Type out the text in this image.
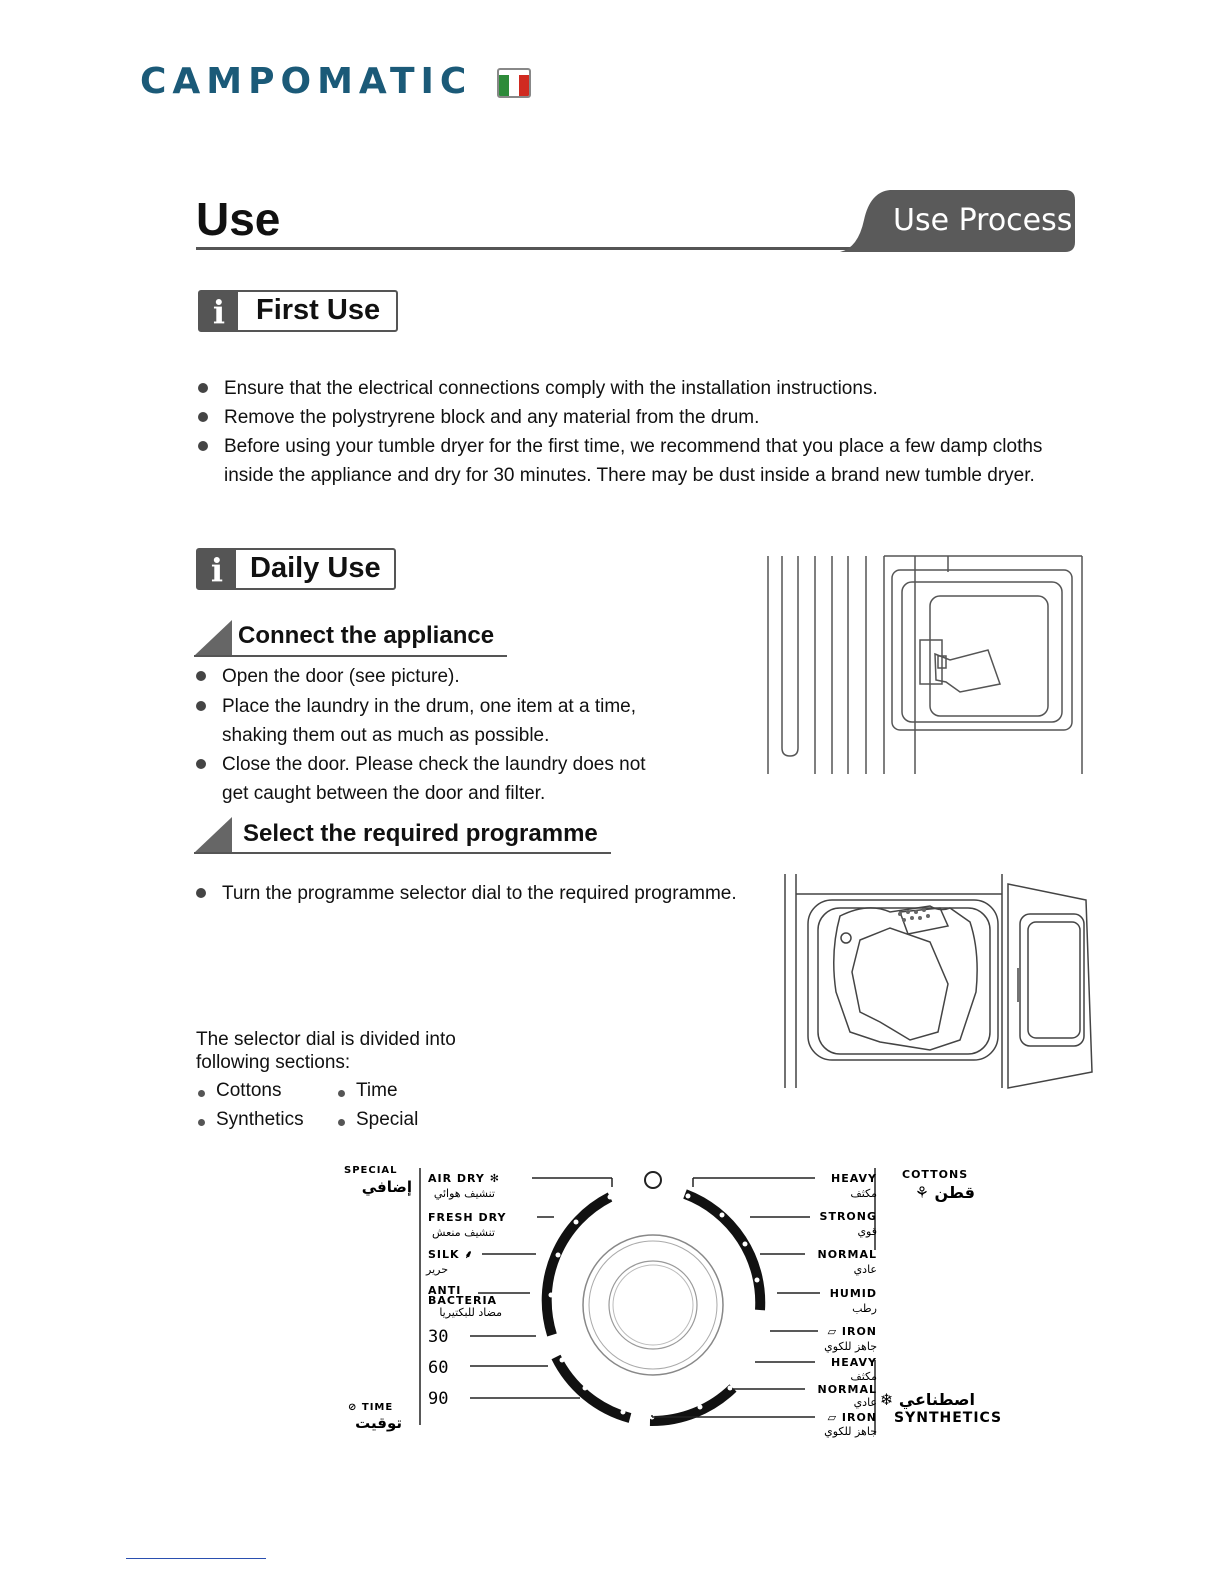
CAMPOMATIC
Use	Use Process
i	First Use
Ensure that the electrical connections comply with the installation instructions.
Remove the polystryrene block and any material from the drum.
Before using your tumble dryer for the first time, we recommend that you place a few damp cloths
inside the appliance and dry for 30 minutes. There may be dust inside a brand new tumble dryer.
i Daily Use
Connect the appliance
Open the door (see picture).
Place the laundry in the drum, one item at a time,
shaking them out as much as possible.
Close the door. Please check the laundry does not
get caught between the door and filter.
Select the required programme
Turn the programme selector dial to the required programme.
The selector dial is divided into
following sections:
Cottons
Synthetics
Time
Special
SPECIAL
إضافي
⊘ TIME
توقيت
COTTONS
⚘ قطن
❄ اصطناعي
SYNTHETICS
AIR DRY ✻
تنشيف هوائي
FRESH DRY
تنشيف منعش
SILK ⸙
حرير
ANTI
BACTERIA
مضاد للبكتيريا
30
60
90
HEAVY
مكثف
STRONG
قوي
NORMAL
عادي
HUMID
رطب
⏥ IRON
جاهز للكوي
HEAVY
مكثف
NORMAL
عادي
⏥ IRON
جاهز للكوي
